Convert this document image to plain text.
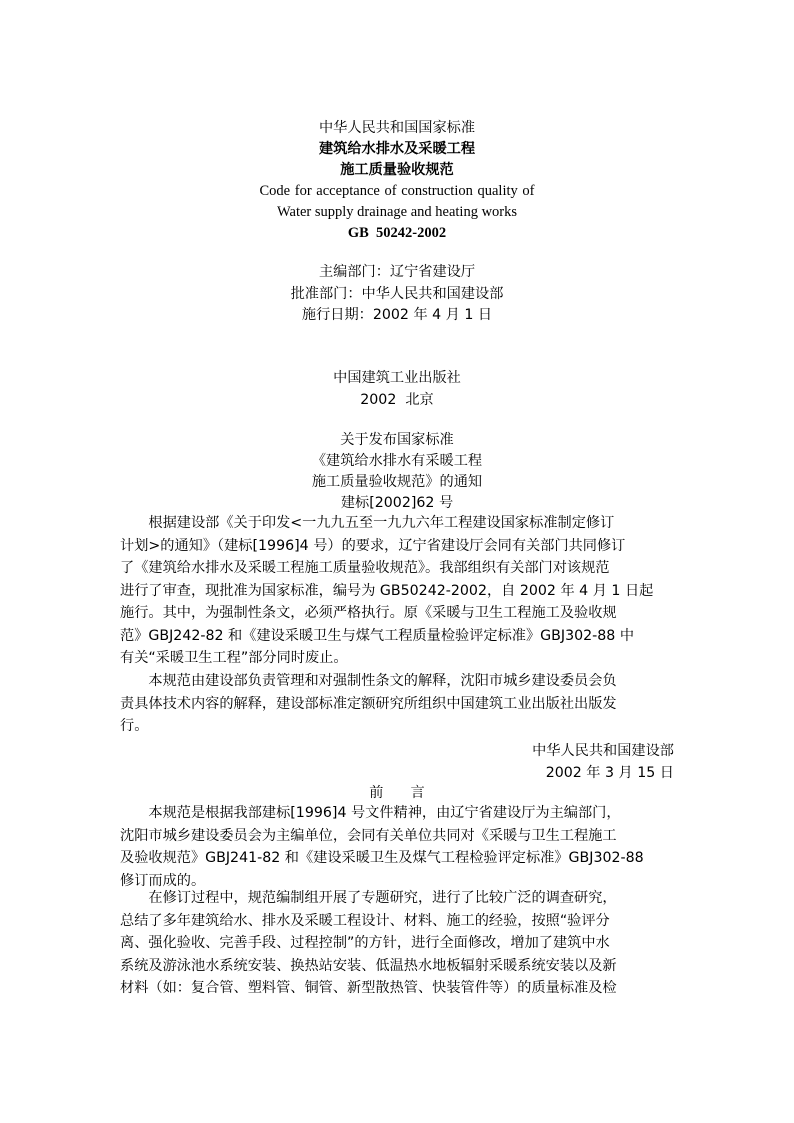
中华人民共和国国家标准
建筑给水排水及采暖工程
施工质量验收规范
Code for acceptance of construction quality of
Water supply drainage and heating works
GB  50242-2002
主编部门：辽宁省建设厅
批准部门：中华人民共和国建设部
施行日期：2002 年 4 月 1 日
中国建筑工业出版社
2002  北京
关于发布国家标准
《建筑给水排水有采暖工程
施工质量验收规范》的通知
建标[2002]62 号
根据建设部《关于印发<一九九五至一九九六年工程建设国家标准制定修订
计划>的通知》（建标[1996]4 号）的要求，辽宁省建设厅会同有关部门共同修订
了《建筑给水排水及采暖工程施工质量验收规范》。我部组织有关部门对该规范
进行了审查，现批准为国家标准，编号为 GB50242-2002，自 2002 年 4 月 1 日起
施行。其中，为强制性条文，必须严格执行。原《采暖与卫生工程施工及验收规
范》GBJ242-82 和《建设采暖卫生与煤气工程质量检验评定标准》GBJ302-88 中
有关“采暖卫生工程”部分同时废止。
本规范由建设部负责管理和对强制性条文的解释，沈阳市城乡建设委员会负
责具体技术内容的解释，建设部标准定额研究所组织中国建筑工业出版社出版发
行。
中华人民共和国建设部
2002 年 3 月 15 日
前      言
本规范是根据我部建标[1996]4 号文件精神，由辽宁省建设厅为主编部门，
沈阳市城乡建设委员会为主编单位，会同有关单位共同对《采暖与卫生工程施工
及验收规范》GBJ241-82 和《建设采暖卫生及煤气工程检验评定标准》GBJ302-88
修订而成的。
在修订过程中，规范编制组开展了专题研究，进行了比较广泛的调查研究，
总结了多年建筑给水、排水及采暖工程设计、材料、施工的经验，按照“验评分
离、强化验收、完善手段、过程控制”的方针，进行全面修改，增加了建筑中水
系统及游泳池水系统安装、换热站安装、低温热水地板辐射采暖系统安装以及新
材料（如：复合管、塑料管、铜管、新型散热管、快装管件等）的质量标准及检
